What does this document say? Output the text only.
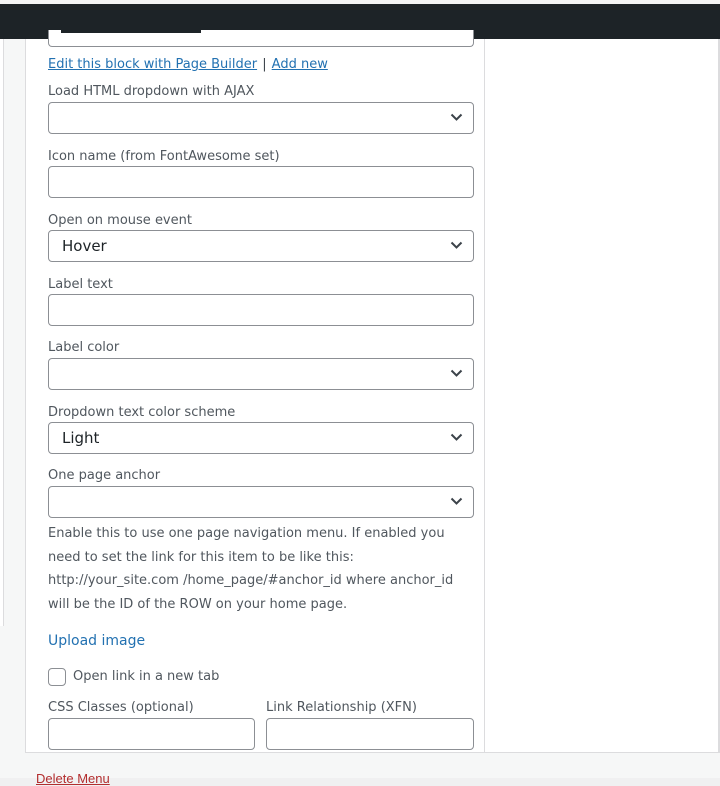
Edit this block with Page Builder | Add new
Load HTML dropdown with AJAX
Icon name (from FontAwesome set)
Open on mouse event
Hover
Label text
Label color
Dropdown text color scheme
Light
One page anchor
Enable this to use one page navigation menu. If enabled you need to set the link for this item to be like this: http://your_site.com /home_page/#anchor_id where anchor_id will be the ID of the ROW on your home page.
Upload image
Open link in a new tab
CSS Classes (optional)	Link Relationship (XFN)
Delete Menu
